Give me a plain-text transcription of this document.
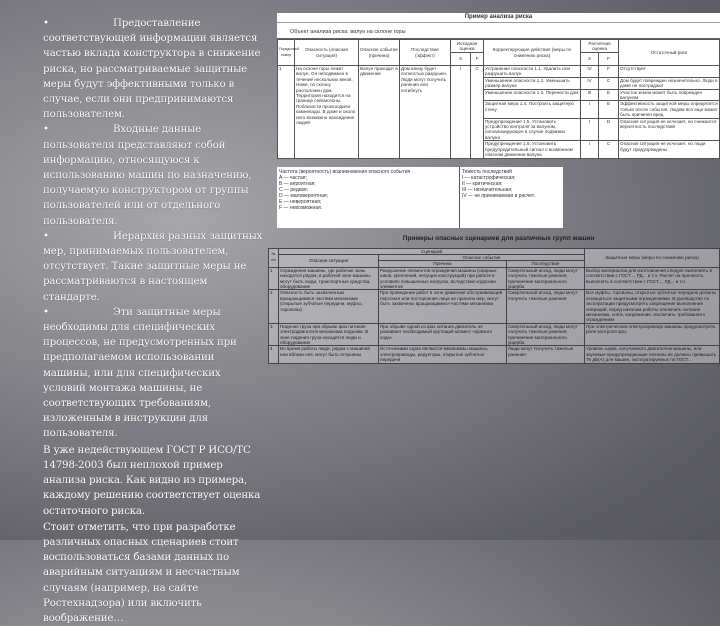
•	Предоставление соответствующей информации является частью вклада конструктора в снижение риска, но рассматриваемые защитные меры будут эффективными только в случае, если они предпринимаются пользователем.

•	Входные данные пользователя представляют собой информацию, относящуюся к использованию машин по назначению, получаемую конструктором от группы пользователей или от отдельного пользователя.

•	Иерархия разных защитных мер, принимаемых пользователем, отсутствует. Такие защитные меры не рассматриваются в настоящем стандарте.

•	Эти защитные меры необходимы для специфических процессов, не предусмотренных при предполагаемом использовании машины, или для специфических условий монтажа машины, не соответствующих требованиям, изложенным в инструкции для пользователя.

В уже недействующем ГОСТ Р ИСО/ТС 14798-2003 был неплохой пример анализа риска. Как видно из примера, каждому решению соответствует оценка остаточного риска.

Стоит отметить, что при разработке различных опасных сценариев стоит воспользоваться базами данных по аварийным ситуациям и несчастным случаям (например, на сайте Ростехнадзора) или включить воображение…

Пример анализа риска
Объект анализа риска: валун на склоне горы
Порядковый номер	Опасность (опасная ситуация)	Опасное событие (причина)	Последствие (эффект)	Исходная оценка		Корректирующие действия (меры по снижению риска)	Расчетная оценка		Остаточный риск
				S	F		S	F	
1	На склоне горы лежит валун. Он неподвижен в течение нескольких веков. Ниже, по склону расположен дом. Территория находится на границе сейсмозоны. Поблизости происходили камнепады. В доме и около него возможно нахождение людей	Валун приходит в движение	Дом внизу будет полностью разрушен. Люди могут получить ранения или погибнуть	I	C	Устранение опасности 1.1. Удалить или разрушить валун	IV	F	Отсутствует
						Уменьшение опасности 1.2. Уменьшить размер валуна	IV	C	Дом будет поврежден незначительно. Люди в доме не пострадают
						Уменьшение опасности 1.3. Перенести дом	III	E	Участок земли может быть поврежден валуном
						Защитная мера 1.4. Построить защитную стену	I	E	Эффективность защитной меры определится только после события. Людям все еще может быть причинен вред
						Предупреждение 1.5. Установить устройство контроля за валуном, сигнализирующее в случае подвижки валуна	I	D	Опасная ситуация не исчезает, но снижается вероятность последствий
						Предупреждение 1.6. Установить предупредительный сигнал о возможном опасном движении валуна	I	C	Опасная ситуация не исчезает, но люди будут предупреждены
Частота (вероятность) возникновения опасного события
A — частая;
B — вероятная;
C — редкая;
D — маловероятная;
E — невероятная;
F — невозможная.
Тяжесть последствий
I — катастрофическая;
II — критическая;
III — незначительная;
IV — не принимаемая в расчет.
Примеры опасных сценариев для различных групп машин
№ п/п	Сценарий			Защитные меры (меры по снижению риска)
	Опасная ситуация	Опасное событие		
		Причина	Последствие	
1	Ограждения машины, где рабочие зоны находятся рядом, в рабочей зоне машины могут быть люди, транспортные средства, оборудование	Разрушение элементов ограждения машины (сварных швов, креплений, несущих конструкций) при работе в условиях повышенных нагрузок, вследствие коррозии элементов	Смертельный исход, люди могут получить тяжелые ранения, причинение материального ущерба	Выбор материалов для изготовления следует выполнять в соответствии с ГОСТ..., РД... и т.п. Расчет на прочность выполнять в соответствии с ГОСТ..., РД... и т.п.
2	Опасность быть захваченным вращающимися частями механизма (открытые зубчатые передачи, муфты, торсионы)	При проведении работ в зоне движения обслуживающий персонал или посторонние лица не приняли мер, могут быть захвачены вращающимися частями механизма	Смертельный исход, люди могут получить тяжелые ранения	Все муфты, торсионы, открытые зубчатые передачи должны оснащаться защитными ограждениями. В руководстве по эксплуатации предусмотреть запрещение выполнения операций, перед началом работы отключить питание механизма, снять напряжение, исключить требования к ограждениям
3	Падение груза при обрыве фаз питания электродвигателя механизма подъема. В зоне падения груза находятся люди и оборудование	При обрыве одной из фаз питания двигатель не развивает необходимый крутящий момент «прямого хода»	Смертельный исход, люди могут получить тяжелые ранения, причинение материального ущерба	При электрическом электроприводе машины предусмотреть реле контроля фаз
4	Во время работы люди, рядом с машиной или вблизи неё, могут быть оглушены	Источниками шума являются механизмы машины, электроприводы, редукторы, открытые зубчатые передачи	Люди могут получить тяжелые ранения	Уровень шума, излучаемого двигателем машины, или звуковые предупреждающие сигналы не должны превышать 75 дБ(А) для машин, эксплуатируемых по ГОСТ...
